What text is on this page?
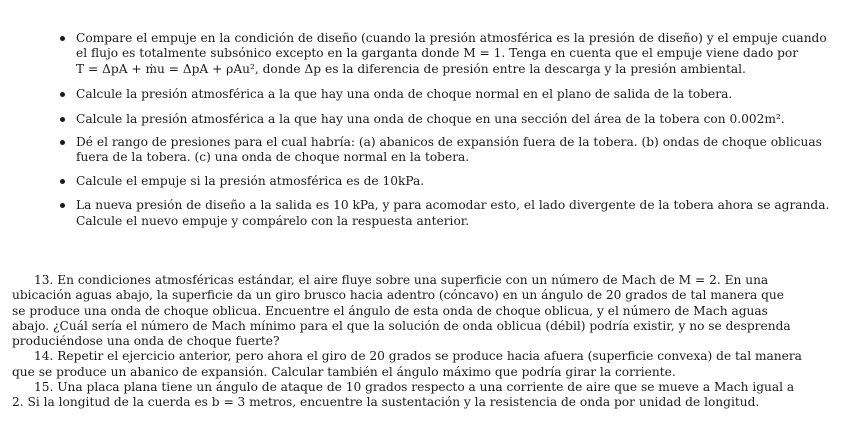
Compare el empuje en la condición de diseño (cuando la presión atmosférica es la presión de diseño) y el empuje cuando
el flujo es totalmente subsónico excepto en la garganta donde M = 1. Tenga en cuenta que el empuje viene dado por
T = ΔpA + ṁu = ΔpA + ρAu², donde Δp es la diferencia de presión entre la descarga y la presión ambiental.
Calcule la presión atmosférica a la que hay una onda de choque normal en el plano de salida de la tobera.
Calcule la presión atmosférica a la que hay una onda de choque en una sección del área de la tobera con 0.002m².
Dé el rango de presiones para el cual habría: (a) abanicos de expansión fuera de la tobera. (b) ondas de choque oblicuas
fuera de la tobera. (c) una onda de choque normal en la tobera.
Calcule el empuje si la presión atmosférica es de 10kPa.
La nueva presión de diseño a la salida es 10 kPa, y para acomodar esto, el lado divergente de la tobera ahora se agranda.
Calcule el nuevo empuje y compárelo con la respuesta anterior.
13. En condiciones atmosféricas estándar, el aire fluye sobre una superficie con un número de Mach de M = 2. En una
ubicación aguas abajo, la superficie da un giro brusco hacia adentro (cóncavo) en un ángulo de 20 grados de tal manera que
se produce una onda de choque oblicua. Encuentre el ángulo de esta onda de choque oblicua, y el número de Mach aguas
abajo. ¿Cuál sería el número de Mach mínimo para el que la solución de onda oblicua (débil) podría existir, y no se desprenda
produciéndose una onda de choque fuerte?
14. Repetir el ejercicio anterior, pero ahora el giro de 20 grados se produce hacia afuera (superficie convexa) de tal manera
que se produce un abanico de expansión. Calcular también el ángulo máximo que podría girar la corriente.
15. Una placa plana tiene un ángulo de ataque de 10 grados respecto a una corriente de aire que se mueve a Mach igual a
2. Si la longitud de la cuerda es b = 3 metros, encuentre la sustentación y la resistencia de onda por unidad de longitud.
